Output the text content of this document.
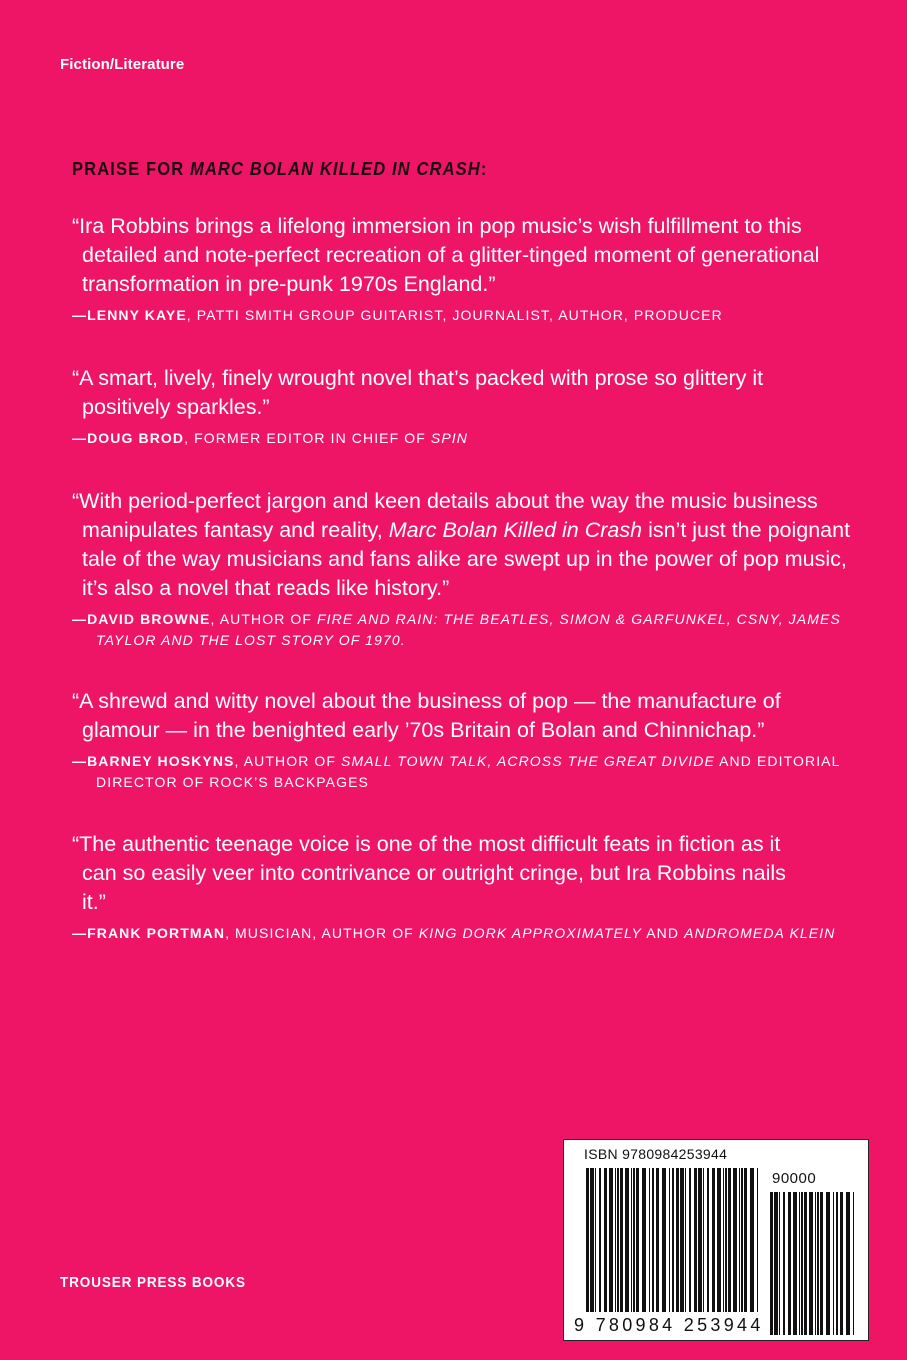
Fiction/Literature
PRAISE FOR MARC BOLAN KILLED IN CRASH:

“Ira Robbins brings a lifelong immersion in pop music’s wish fulfillment to this detailed and note-perfect recreation of a glitter-tinged moment of generational transformation in pre-punk 1970s England.”

—LENNY KAYE, PATTI SMITH GROUP GUITARIST, JOURNALIST, AUTHOR, PRODUCER

“A smart, lively, finely wrought novel that’s packed with prose so glittery it positively sparkles.”

—DOUG BROD, FORMER EDITOR IN CHIEF OF SPIN

“With period-perfect jargon and keen details about the way the music business manipulates fantasy and reality, Marc Bolan Killed in Crash isn’t just the poignant tale of the way musicians and fans alike are swept up in the power of pop music, it’s also a novel that reads like history.”

—DAVID BROWNE, AUTHOR OF FIRE AND RAIN: THE BEATLES, SIMON & GARFUNKEL, CSNY, JAMES TAYLOR AND THE LOST STORY OF 1970.

“A shrewd and witty novel about the business of pop — the manufacture of glamour — in the benighted early ’70s Britain of Bolan and Chinnichap.”

—BARNEY HOSKYNS, AUTHOR OF SMALL TOWN TALK, ACROSS THE GREAT DIVIDE AND EDITORIAL DIRECTOR OF ROCK’S BACKPAGES

“The authentic teenage voice is one of the most difficult feats in fiction as it can so easily veer into contrivance or outright cringe, but Ira Robbins nails it.”

—FRANK PORTMAN, MUSICIAN, AUTHOR OF KING DORK APPROXIMATELY AND ANDROMEDA KLEIN

TROUSER PRESS BOOKS
ISBN 9780984253944
90000
9 780984 253944
